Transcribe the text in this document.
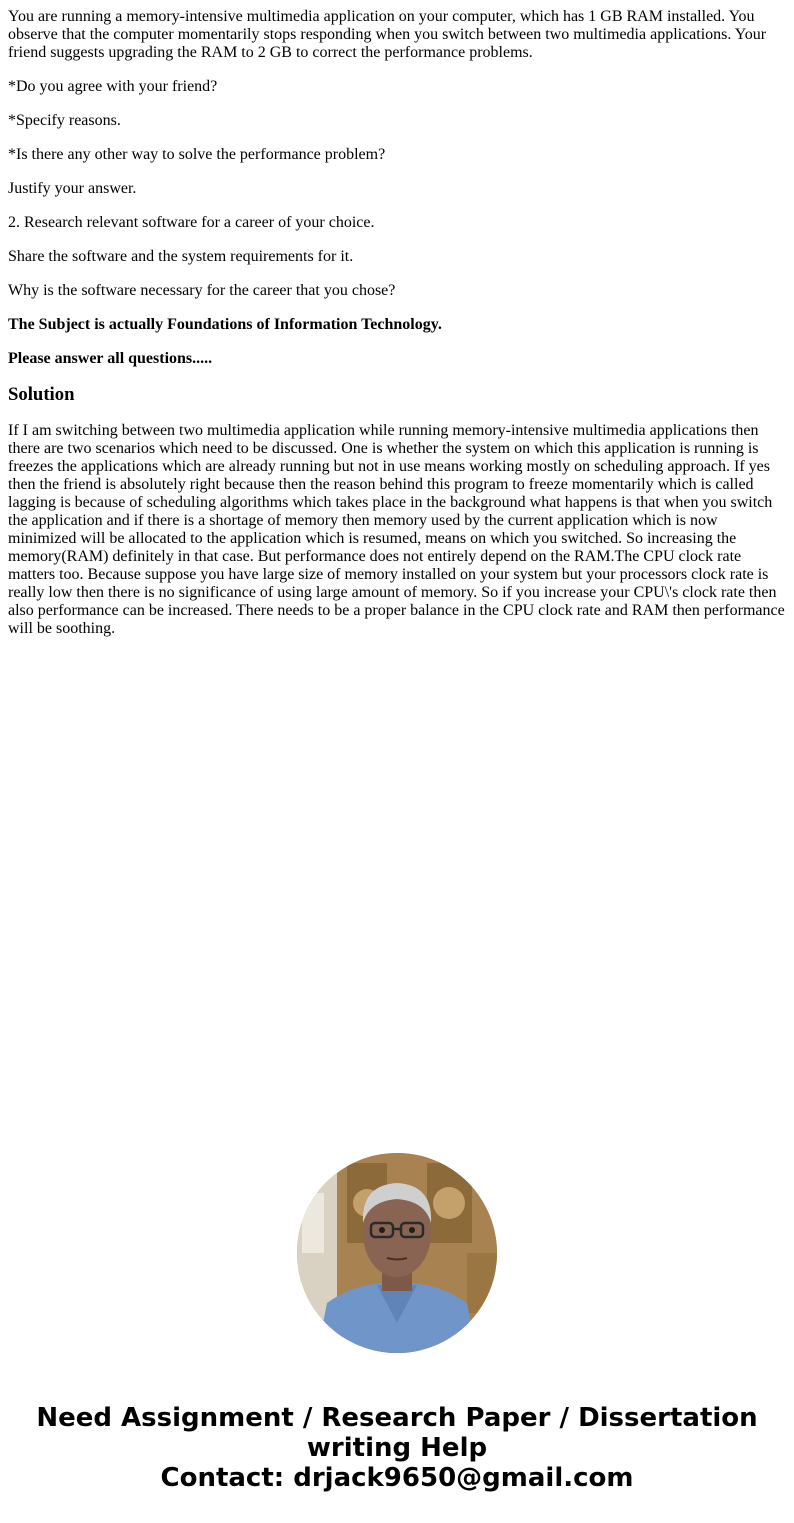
You are running a memory-intensive multimedia application on your computer, which has 1 GB RAM installed. You observe that the computer momentarily stops responding when you switch between two multimedia applications. Your friend suggests upgrading the RAM to 2 GB to correct the performance problems.

*Do you agree with your friend?

*Specify reasons.

*Is there any other way to solve the performance problem?

Justify your answer.

2. Research relevant software for a career of your choice.

Share the software and the system requirements for it.

Why is the software necessary for the career that you chose?

The Subject is actually Foundations of Information Technology.

Please answer all questions.....

Solution

If I am switching between two multimedia application while running memory-intensive multimedia applications then there are two scenarios which need to be discussed. One is whether the system on which this application is running is freezes the applications which are already running but not in use means working mostly on scheduling approach. If yes then the friend is absolutely right because then the reason behind this program to freeze momentarily which is called lagging is because of scheduling algorithms which takes place in the background what happens is that when you switch the application and if there is a shortage of memory then memory used by the current application which is now minimized will be allocated to the application which is resumed, means on which you switched. So increasing the memory(RAM) definitely in that case. But performance does not entirely depend on the RAM.The CPU clock rate matters too. Because suppose you have large size of memory installed on your system but your processors clock rate is really low then there is no significance of using large amount of memory. So if you increase your CPU\'s clock rate then also performance can be increased. There needs to be a proper balance in the CPU clock rate and RAM then performance will be soothing.

Need Assignment / Research Paper / Dissertation
writing Help
Contact: drjack9650@gmail.com
